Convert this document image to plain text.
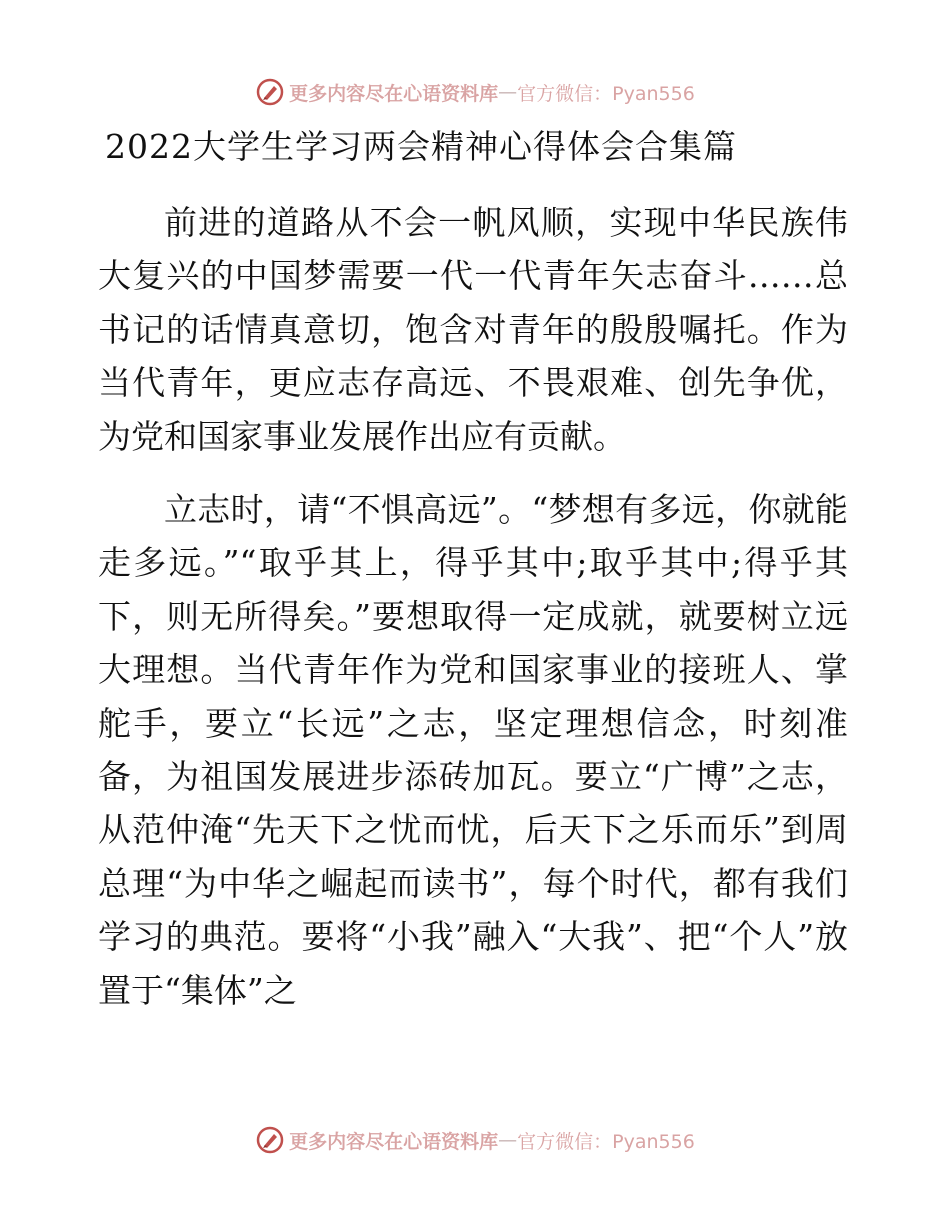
更多内容尽在心语资料库 — 官方微信：Pyan556
2022大学生学习两会精神心得体会合集篇

前进的道路从不会一帆风顺，实现中华民族伟大复兴的中国梦需要一代一代青年矢志奋斗……总书记的话情真意切，饱含对青年的殷殷嘱托。作为当代青年，更应志存高远、不畏艰难、创先争优，为党和国家事业发展作出应有贡献。

立志时，请“不惧高远”。“梦想有多远，你就能走多远。”“取乎其上，得乎其中;取乎其中;得乎其下，则无所得矣。”要想取得一定成就，就要树立远大理想。当代青年作为党和国家事业的接班人、掌舵手，要立“长远”之志，坚定理想信念，时刻准备，为祖国发展进步添砖加瓦。要立“广博”之志，从范仲淹“先天下之忧而忧，后天下之乐而乐”到周总理“为中华之崛起而读书”，每个时代，都有我们学习的典范。要将“小我”融入“大我”、把“个人”放置于“集体”之

更多内容尽在心语资料库 — 官方微信：Pyan556
